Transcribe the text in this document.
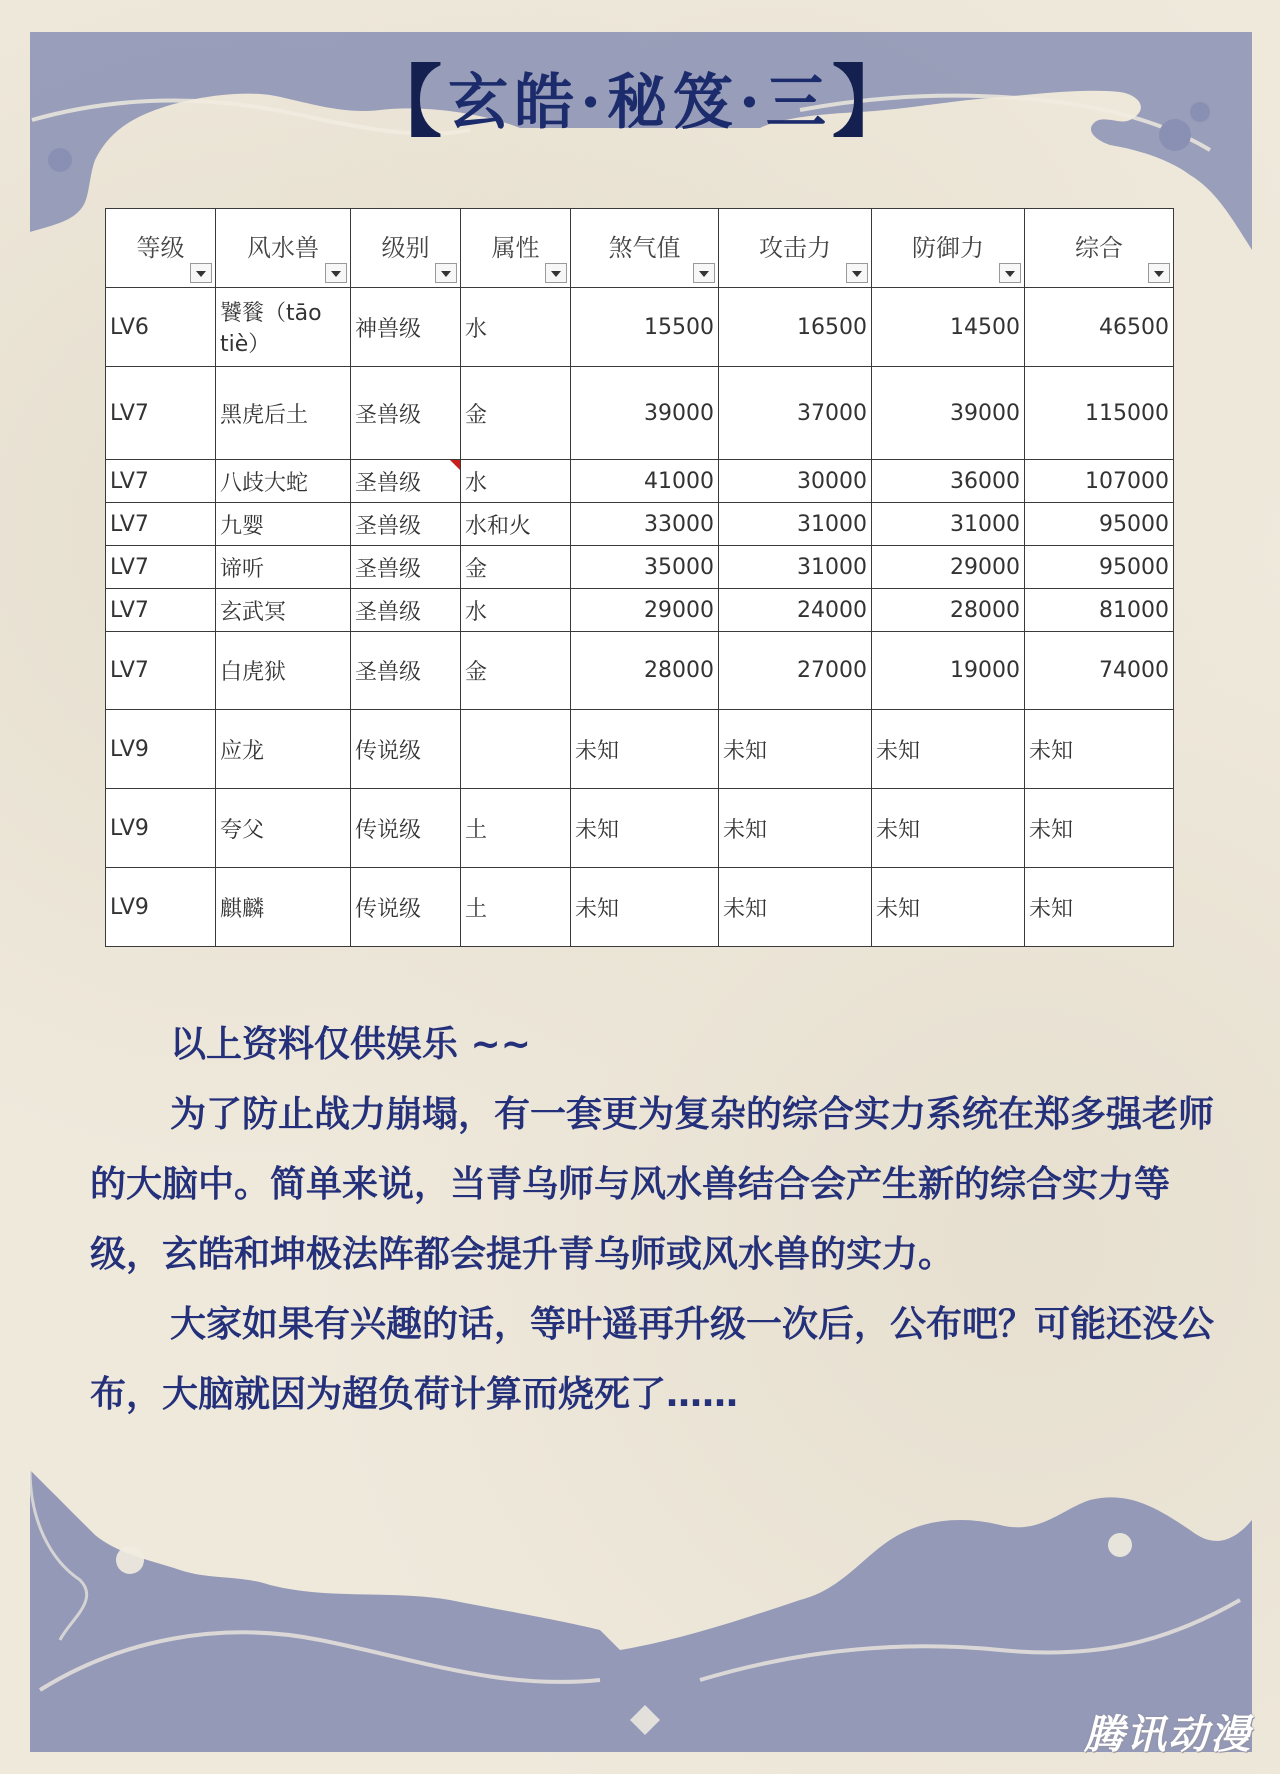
【玄皓·秘笈·三】
等级	风水兽	级别	属性	煞气值	攻击力	防御力	综合

LV6	饕餮（tāo tiè）	神兽级	水	15500	16500	14500	46500
LV7	黑虎后土	圣兽级	金	39000	37000	39000	115000
LV7	八歧大蛇	圣兽级	水	41000	30000	36000	107000
LV7	九婴	圣兽级	水和火	33000	31000	31000	95000
LV7	谛听	圣兽级	金	35000	31000	29000	95000
LV7	玄武冥	圣兽级	水	29000	24000	28000	81000
LV7	白虎狱	圣兽级	金	28000	27000	19000	74000
LV9	应龙	传说级		未知	未知	未知	未知
LV9	夸父	传说级	土	未知	未知	未知	未知
LV9	麒麟	传说级	土	未知	未知	未知	未知

以上资料仅供娱乐 ~~

为了防止战力崩塌，有一套更为复杂的综合实力系统在郑多强老师的大脑中。简单来说，当青乌师与风水兽结合会产生新的综合实力等级，玄皓和坤极法阵都会提升青乌师或风水兽的实力。

大家如果有兴趣的话，等叶遥再升级一次后，公布吧？可能还没公布，大脑就因为超负荷计算而烧死了……

腾讯动漫
